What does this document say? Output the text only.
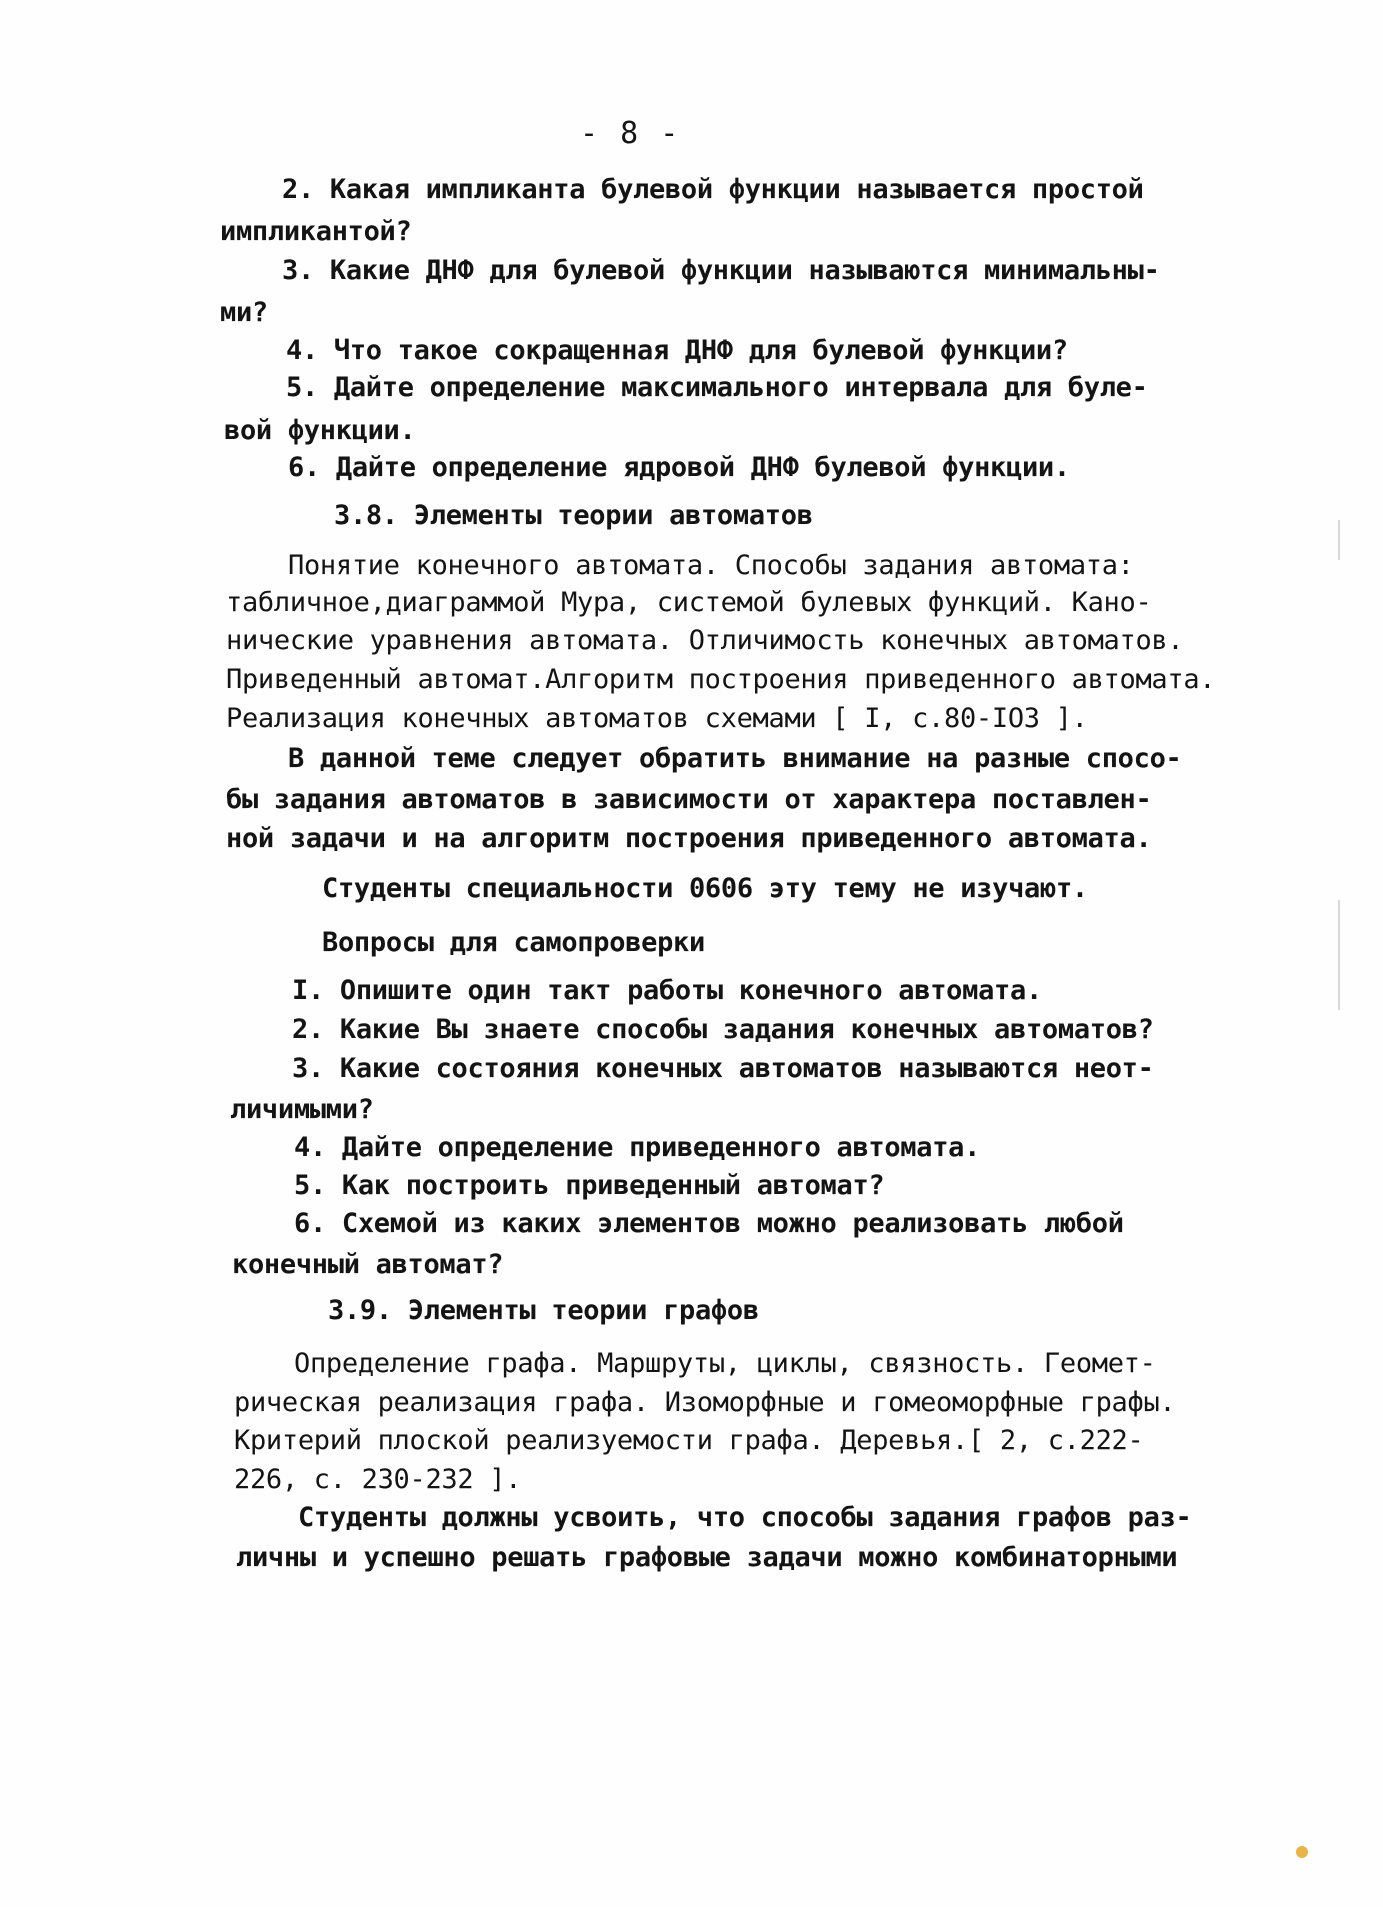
- 8 -
2. Какая импликанта булевой функции называется простой
импликантой?
3. Какие ДНФ для булевой функции называются минимальны-
ми?
4. Что такое сокращенная ДНФ для булевой функции?
5. Дайте определение максимального интервала для буле-
вой функции.
6. Дайте определение ядровой ДНФ булевой функции.
3.8. Элементы теории автоматов
Понятие конечного автомата. Способы задания автомата:
табличное,диаграммой Мура, системой булевых функций. Кано-
нические уравнения автомата. Отличимость конечных автоматов.
Приведенный автомат.Алгоритм построения приведенного автомата.
Реализация конечных автоматов схемами [ I, с.80-IO3 ].
В данной теме следует обратить внимание на разные спосо-
бы задания автоматов в зависимости от характера поставлен-
ной задачи и на алгоритм построения приведенного автомата.
Студенты специальности 0606 эту тему не изучают.
Вопросы для самопроверки
I. Опишите один такт работы конечного автомата.
2. Какие Вы знаете способы задания конечных автоматов?
3. Какие состояния конечных автоматов называются неот-
личимыми?
4. Дайте определение приведенного автомата.
5. Как построить приведенный автомат?
6. Схемой из каких элементов можно реализовать любой
конечный автомат?
3.9. Элементы теории графов
Определение графа. Маршруты, циклы, связность. Геомет-
рическая реализация графа. Изоморфные и гомеоморфные графы.
Критерий плоской реализуемости графа. Деревья.[ 2, с.222-
226, с. 230-232 ].
Студенты должны усвоить, что способы задания графов раз-
личны и успешно решать графовые задачи можно комбинаторными
